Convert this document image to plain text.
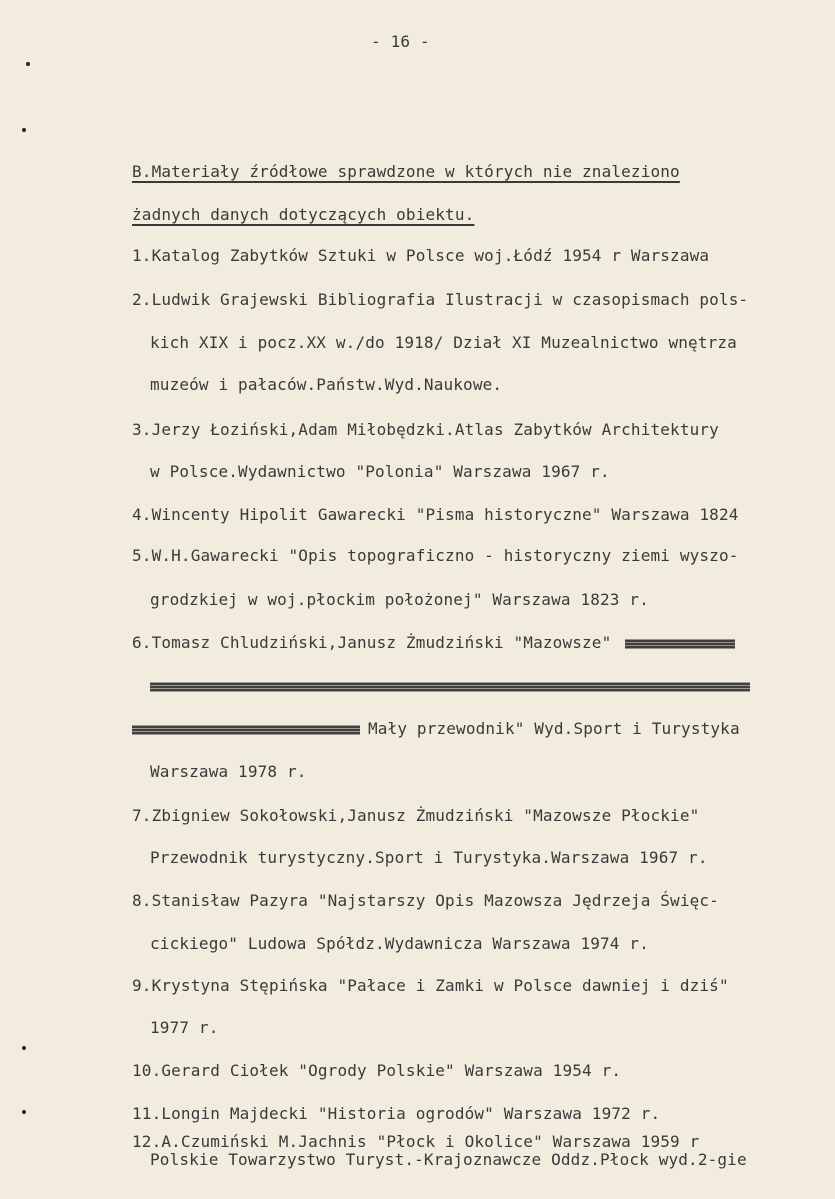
- 16 -
B.Materiały źródłowe sprawdzone w których nie znaleziono
żadnych danych dotyczących obiektu.
1.Katalog Zabytków Sztuki w Polsce woj.Łódź 1954 r Warszawa
2.Ludwik Grajewski Bibliografia Ilustracji w czasopismach pols-
kich XIX i pocz.XX w./do 1918/ Dział XI Muzealnictwo wnętrza
muzeów i pałaców.Państw.Wyd.Naukowe.
3.Jerzy Łoziński,Adam Miłobędzki.Atlas Zabytków Architektury
w Polsce.Wydawnictwo "Polonia" Warszawa 1967 r.
4.Wincenty Hipolit Gawarecki "Pisma historyczne" Warszawa 1824
5.W.H.Gawarecki "Opis topograficzno - historyczny ziemi wyszo-
grodzkiej w woj.płockim położonej" Warszawa 1823 r.
6.Tomasz Chludziński,Janusz Żmudziński "Mazowsze"
Mały przewodnik" Wyd.Sport i Turystyka
Warszawa 1978 r.
7.Zbigniew Sokołowski,Janusz Żmudziński "Mazowsze Płockie"
Przewodnik turystyczny.Sport i Turystyka.Warszawa 1967 r.
8.Stanisław Pazyra "Najstarszy Opis Mazowsza Jędrzeja Święc-
cickiego" Ludowa Spółdz.Wydawnicza Warszawa 1974 r.
9.Krystyna Stępińska "Pałace i Zamki w Polsce dawniej i dziś"
1977 r.
10.Gerard Ciołek "Ogrody Polskie" Warszawa 1954 r.
11.Longin Majdecki "Historia ogrodów" Warszawa 1972 r.
12.A.Czumiński M.Jachnis "Płock i Okolice" Warszawa 1959 r
Polskie Towarzystwo Turyst.-Krajoznawcze Oddz.Płock wyd.2-gie
